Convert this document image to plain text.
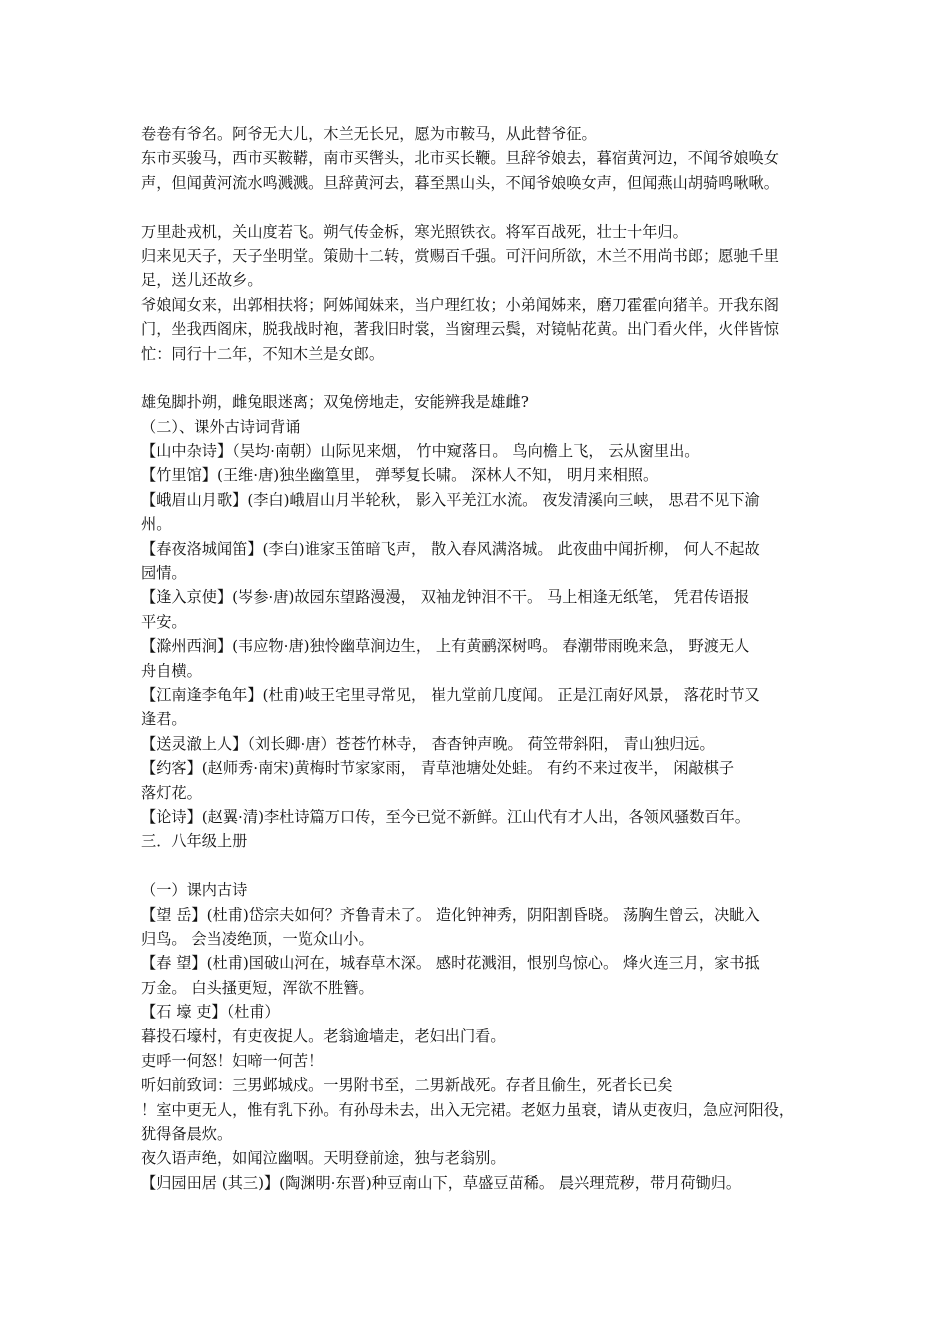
卷卷有爷名。阿爷无大儿，木兰无长兄，愿为市鞍马，从此替爷征。
东市买骏马，西市买鞍鞯，南市买辔头，北市买长鞭。旦辞爷娘去，暮宿黄河边，不闻爷娘唤女
声，但闻黄河流水鸣溅溅。旦辞黄河去，暮至黑山头，不闻爷娘唤女声，但闻燕山胡骑鸣啾啾。
万里赴戎机，关山度若飞。朔气传金柝，寒光照铁衣。将军百战死，壮士十年归。
归来见天子，天子坐明堂。策勋十二转，赏赐百千强。可汗问所欲，木兰不用尚书郎；愿驰千里
足，送儿还故乡。
爷娘闻女来，出郭相扶将；阿姊闻妹来，当户理红妆；小弟闻姊来，磨刀霍霍向猪羊。开我东阁
门，坐我西阁床，脱我战时袍，著我旧时裳，当窗理云鬓，对镜帖花黄。出门看火伴，火伴皆惊
忙：同行十二年，不知木兰是女郎。
雄兔脚扑朔，雌兔眼迷离；双兔傍地走，安能辨我是雄雌?
（二）、课外古诗词背诵
【山中杂诗】（吴均·南朝）山际见来烟， 竹中窥落日。 鸟向檐上飞， 云从窗里出。
【竹里馆】(王维·唐)独坐幽篁里， 弹琴复长啸。 深林人不知， 明月来相照。
【峨眉山月歌】(李白)峨眉山月半轮秋， 影入平羌江水流。 夜发清溪向三峡， 思君不见下渝
州。
【春夜洛城闻笛】(李白)谁家玉笛暗飞声， 散入春风满洛城。 此夜曲中闻折柳， 何人不起故
园情。
【逢入京使】(岑参·唐)故园东望路漫漫， 双袖龙钟泪不干。 马上相逢无纸笔， 凭君传语报
平安。
【滁州西涧】(韦应物·唐)独怜幽草涧边生， 上有黄鹂深树鸣。 春潮带雨晚来急， 野渡无人
舟自横。
【江南逢李龟年】(杜甫)岐王宅里寻常见， 崔九堂前几度闻。 正是江南好风景， 落花时节又
逢君。
【送灵澈上人】（刘长卿·唐）苍苍竹林寺， 杳杳钟声晚。 荷笠带斜阳， 青山独归远。
【约客】(赵师秀·南宋)黄梅时节家家雨， 青草池塘处处蛙。 有约不来过夜半， 闲敲棋子
落灯花。
【论诗】(赵翼·清)李杜诗篇万口传，至今已觉不新鲜。江山代有才人出，各领风骚数百年。
三．八年级上册
（一）课内古诗
【望 岳】(杜甫)岱宗夫如何？齐鲁青未了。 造化钟神秀，阴阳割昏晓。 荡胸生曾云，决眦入
归鸟。 会当凌绝顶，一览众山小。
【春 望】(杜甫)国破山河在，城春草木深。 感时花溅泪，恨别鸟惊心。 烽火连三月，家书抵
万金。 白头搔更短，浑欲不胜簪。
【石 壕 吏】（杜甫）
暮投石壕村，有吏夜捉人。老翁逾墙走，老妇出门看。
吏呼一何怒！妇啼一何苦！
听妇前致词：三男邺城戍。一男附书至，二男新战死。存者且偷生，死者长已矣
！室中更无人，惟有乳下孙。有孙母未去，出入无完裙。老妪力虽衰，请从吏夜归，急应河阳役，
犹得备晨炊。
夜久语声绝，如闻泣幽咽。天明登前途，独与老翁别。
【归园田居 (其三)】(陶渊明·东晋)种豆南山下，草盛豆苗稀。 晨兴理荒秽，带月荷锄归。
